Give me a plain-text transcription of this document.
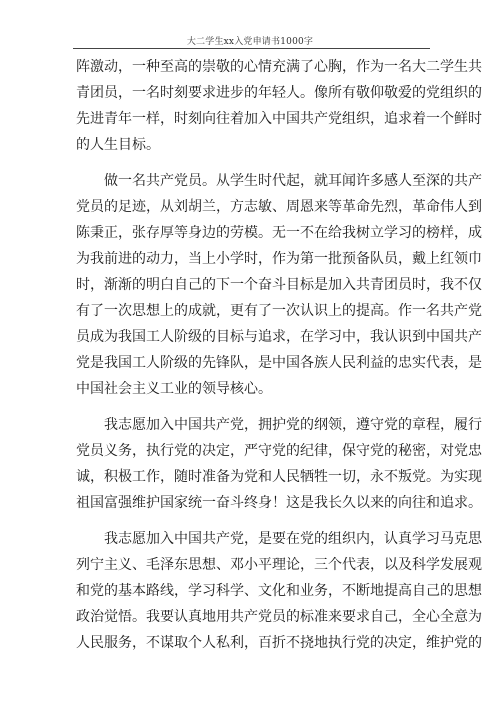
大二学生xx入党申请书1000字
阵激动，一种至高的崇敬的心情充满了心胸，作为一名大二学生共
青团员，一名时刻要求进步的年轻人。像所有敬仰敬爱的党组织的
先进青年一样，时刻向往着加入中国共产党组织，追求着一个鲜时
的人生目标。
　　做一名共产党员。从学生时代起，就耳闻许多感人至深的共产
党员的足迹，从刘胡兰，方志敏、周恩来等革命先烈，革命伟人到
陈秉正，张存厚等身边的劳模。无一不在给我树立学习的榜样，成
为我前进的动力，当上小学时，作为第一批预备队员，戴上红领巾
时，渐渐的明白自己的下一个奋斗目标是加入共青团员时，我不仅
有了一次思想上的成就，更有了一次认识上的提高。作一名共产党
员成为我国工人阶级的目标与追求，在学习中，我认识到中国共产
党是我国工人阶级的先锋队，是中国各族人民利益的忠实代表，是
中国社会主义工业的领导核心。
　　我志愿加入中国共产党，拥护党的纲领，遵守党的章程，履行
党员义务，执行党的决定，严守党的纪律，保守党的秘密，对党忠
诚，积极工作，随时准备为党和人民牺牲一切，永不叛党。为实现
祖国富强维护国家统一奋斗终身！这是我长久以来的向往和追求。
　　我志愿加入中国共产党，是要在党的组织内，认真学习马克思
列宁主义、毛泽东思想、邓小平理论，三个代表，以及科学发展观
和党的基本路线，学习科学、文化和业务，不断地提高自己的思想
政治觉悟。我要认真地用共产党员的标准来要求自己，全心全意为
人民服务，不谋取个人私利，百折不挠地执行党的决定，维护党的
